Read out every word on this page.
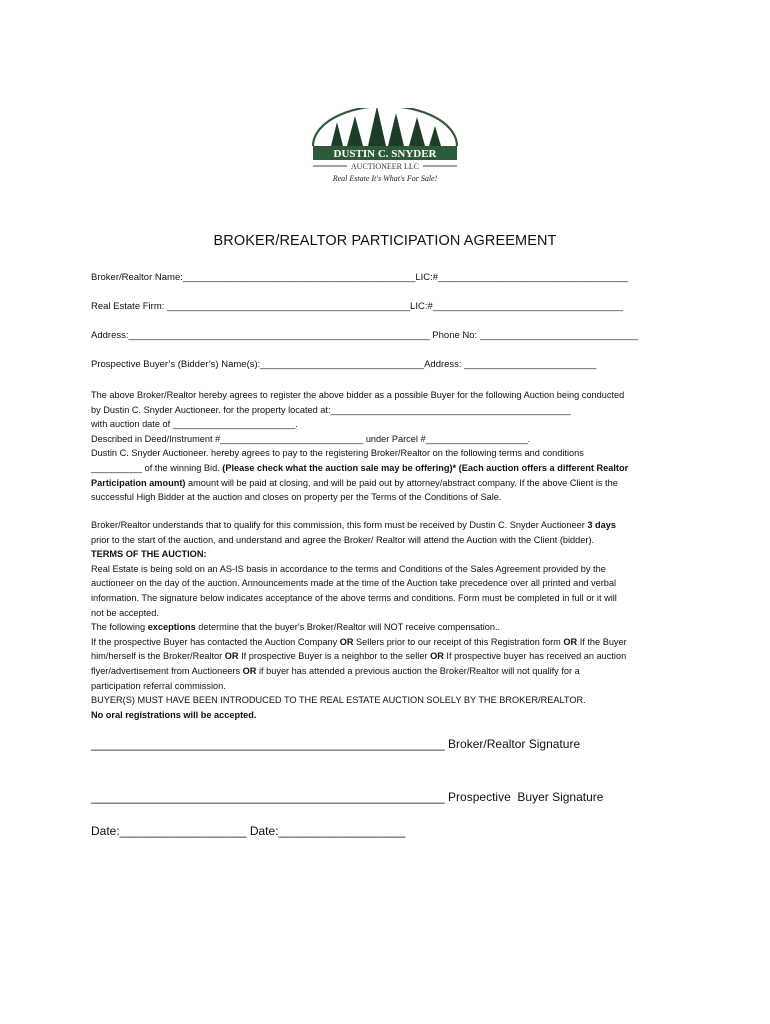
DUSTIN C. SNYDER
AUCTIONEER LLC
Real Estate It's What's For Sale!
BROKER/REALTOR PARTICIPATION AGREEMENT
Broker/Realtor Name:____________________________________________LIC:#____________________________________
Real Estate Firm: ______________________________________________LIC:#____________________________________
Address:_________________________________________________________ Phone No: ______________________________
Prospective Buyer’s (Bidder’s) Name(s):_______________________________Address: _________________________

The above Broker/Realtor hereby agrees to register the above bidder as a possible Buyer for the following Auction being conducted

by Dustin C. Snyder Auctioneer. for the property located at:_______________________________________________

with auction date of ________________________.

Described in Deed/Instrument #____________________________ under Parcel #____________________.

Dustin C. Snyder Auctioneer. hereby agrees to pay to the registering Broker/Realtor on the following terms and conditions

__________ of the winning Bid. (Please check what the auction sale may be offering)* (Each auction offers a different Realtor

Participation amount) amount will be paid at closing, and will be paid out by attorney/abstract company. If the above Client is the

successful High Bidder at the auction and closes on property per the Terms of the Conditions of Sale.

Broker/Realtor understands that to qualify for this commission, this form must be received by Dustin C. Snyder Auctioneer 3 days

prior to the start of the auction, and understand and agree the Broker/ Realtor will attend the Auction with the Client (bidder).

TERMS OF THE AUCTION:

Real Estate is being sold on an AS-IS basis in accordance to the terms and Conditions of the Sales Agreement provided by the

auctioneer on the day of the auction. Announcements made at the time of the Auction take precedence over all printed and verbal

information. The signature below indicates acceptance of the above terms and conditions. Form must be completed in full or it will

not be accepted.

The following exceptions determine that the buyer's Broker/Realtor will NOT receive compensation..

If the prospective Buyer has contacted the Auction Company OR Sellers prior to our receipt of this Registration form OR If the Buyer

him/herself is the Broker/Realtor OR If prospective Buyer is a neighbor to the seller OR If prospective buyer has received an auction

flyer/advertisement from Auctioneers OR if buyer has attended a previous auction the Broker/Realtor will not qualify for a

participation referral commission.

BUYER(S) MUST HAVE BEEN INTRODUCED TO THE REAL ESTATE AUCTION SOLELY BY THE BROKER/REALTOR.

No oral registrations will be accepted.

_____________________________________________________ Broker/Realtor Signature
_____________________________________________________ Prospective  Buyer Signature
Date:___________________ Date:___________________
